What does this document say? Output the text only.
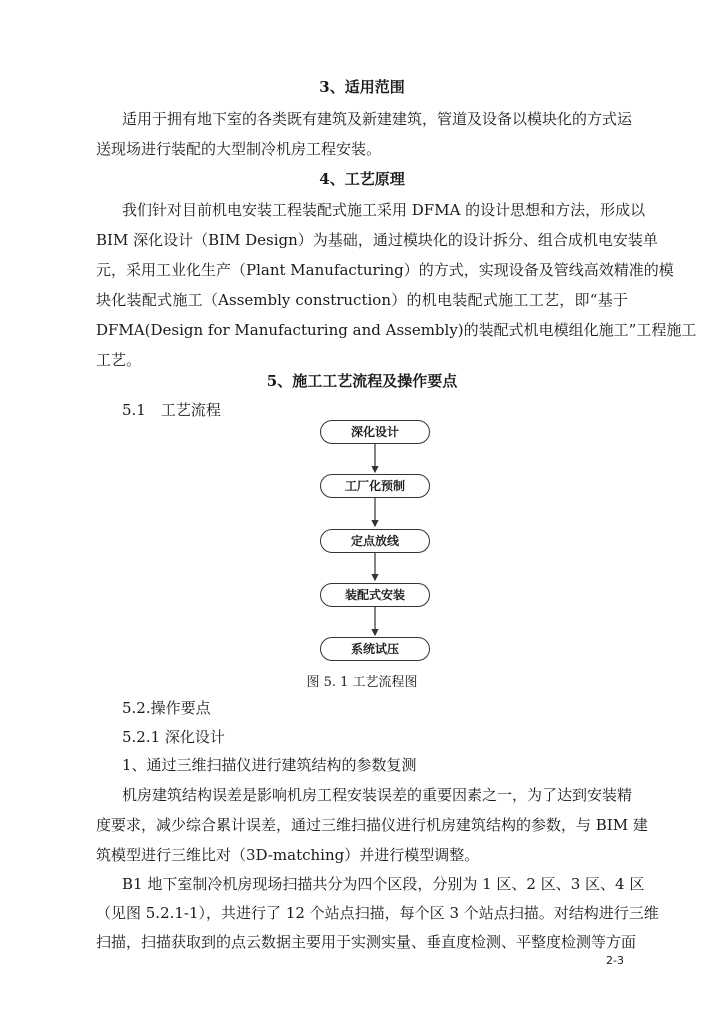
3、适用范围
适用于拥有地下室的各类既有建筑及新建建筑，管道及设备以模块化的方式运
送现场进行装配的大型制冷机房工程安装。
4、工艺原理
我们针对目前机电安装工程装配式施工采用 DFMA 的设计思想和方法，形成以
BIM 深化设计（BIM Design）为基础，通过模块化的设计拆分、组合成机电安装单
元，采用工业化生产（Plant Manufacturing）的方式，实现设备及管线高效精准的模
块化装配式施工（Assembly construction）的机电装配式施工工艺，即“基于
DFMA(Design for Manufacturing and Assembly)的装配式机电模组化施工”工程施工
工艺。
5、施工工艺流程及操作要点
5.1　工艺流程
深化设计
工厂化预制
定点放线
装配式安装
系统试压
图 5. 1 工艺流程图
5.2.操作要点
5.2.1 深化设计
1、通过三维扫描仪进行建筑结构的参数复测
机房建筑结构误差是影响机房工程安装误差的重要因素之一，为了达到安装精
度要求，减少综合累计误差，通过三维扫描仪进行机房建筑结构的参数，与 BIM 建
筑模型进行三维比对（3D-matching）并进行模型调整。
B1 地下室制冷机房现场扫描共分为四个区段，分别为 1 区、2 区、3 区、4 区
（见图 5.2.1-1），共进行了 12 个站点扫描，每个区 3 个站点扫描。对结构进行三维
扫描，扫描获取到的点云数据主要用于实测实量、垂直度检测、平整度检测等方面
2-3
